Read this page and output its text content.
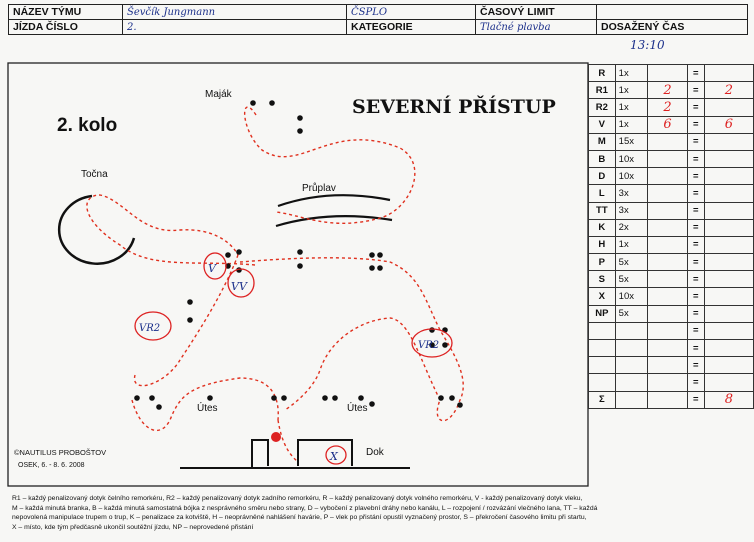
NÁZEV TÝMU	Ševčík Jungmann	ČSPLO	ČASOVÝ LIMIT	
JÍZDA ČÍSLO	2.	KATEGORIE	Tlačné plavba	DOSAŽENÝ ČAS
13:10
2. kolo
SEVERNÍ PŘÍSTUP
Maják
Točna
Průplav
Útes	Útes
Dok
V
VV
VR2
VR2
X
©NAUTILUS PROBOŠTOV
OSEK, 6. - 8. 6. 2008
R	1x		=	
R1	1x	2	=	2
R2	1x	2	=	
V	1x	6	=	6
M	15x		=	
B	10x		=	
D	10x		=	
L	3x		=	
TT	3x		=	
K	2x		=	
H	1x		=	
P	5x		=	
S	5x		=	
X	10x		=	
NP	5x		=	
			=	
			=	
			=	
			=	
Σ			=	8
R1 – každý penalizovaný dotyk čelního remorkéru, R2 – každý penalizovaný dotyk zadního remorkéru, R – každý penalizovaný dotyk volného remorkéru, V - každý penalizovaný dotyk vleku,
M – každá minutá branka, B – každá minutá samostatná bójka z nesprávného směru nebo strany, D – vybočení z plavební dráhy nebo kanálu, L – rozpojení / rozvázání vlečného lana, TT – každá
nepovolená manipulace trupem o trup, K – penalizace za kotviště, H – neoprávněné nahlášení havárie, P – vlek po přistání opustil vyznačený prostor, S – překročení časového limitu při startu,
X – místo, kde tým předčasně ukončil soutěžní jízdu, NP – neprovedené přistání
